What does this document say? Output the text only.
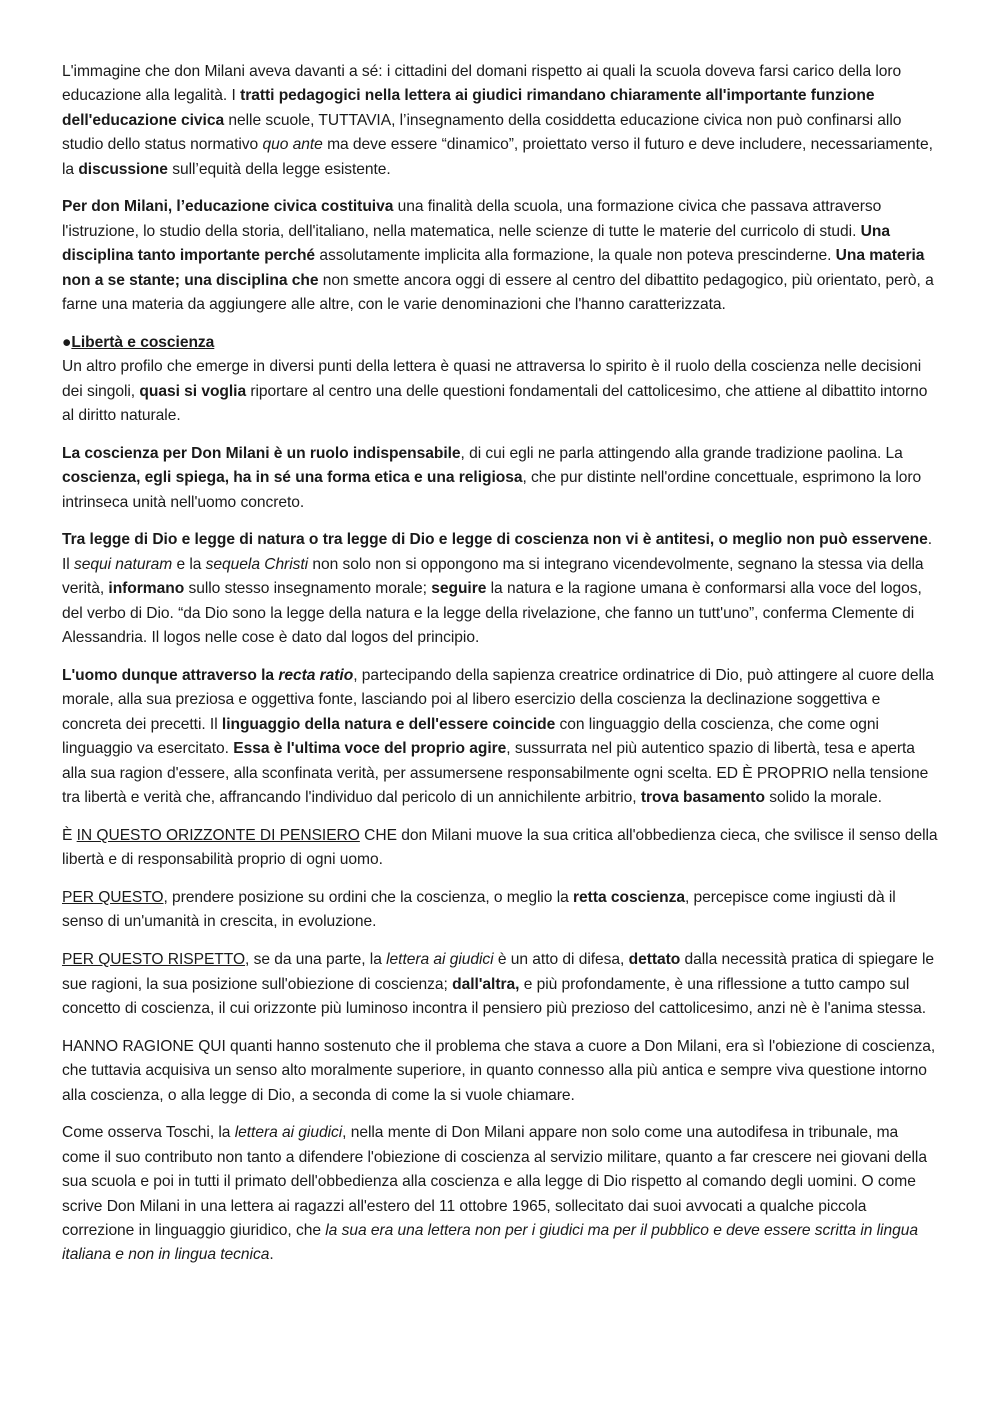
L'immagine che don Milani aveva davanti a sé: i cittadini del domani rispetto ai quali la scuola doveva farsi carico della loro educazione alla legalità. I tratti pedagogici nella lettera ai giudici rimandano chiaramente all'importante funzione dell'educazione civica nelle scuole, TUTTAVIA, l’insegnamento della cosiddetta educazione civica non può confinarsi allo studio dello status normativo quo ante ma deve essere “dinamico”, proiettato verso il futuro e deve includere, necessariamente, la discussione sull’equità della legge esistente.

Per don Milani, l’educazione civica costituiva una finalità della scuola, una formazione civica che passava attraverso l'istruzione, lo studio della storia, dell'italiano, nella matematica, nelle scienze di tutte le materie del curricolo di studi. Una disciplina tanto importante perché assolutamente implicita alla formazione, la quale non poteva prescinderne. Una materia non a se stante; una disciplina che non smette ancora oggi di essere al centro del dibattito pedagogico, più orientato, però, a farne una materia da aggiungere alle altre, con le varie denominazioni che l'hanno caratterizzata.

●Libertà e coscienza
Un altro profilo che emerge in diversi punti della lettera è quasi ne attraversa lo spirito è il ruolo della coscienza nelle decisioni dei singoli, quasi si voglia riportare al centro una delle questioni fondamentali del cattolicesimo, che attiene al dibattito intorno al diritto naturale.

La coscienza per Don Milani è un ruolo indispensabile, di cui egli ne parla attingendo alla grande tradizione paolina. La coscienza, egli spiega, ha in sé una forma etica e una religiosa, che pur distinte nell'ordine concettuale, esprimono la loro intrinseca unità nell'uomo concreto.

Tra legge di Dio e legge di natura o tra legge di Dio e legge di coscienza non vi è antitesi, o meglio non può esservene. Il sequi naturam e la sequela Christi non solo non si oppongono ma si integrano vicendevolmente, segnano la stessa via della verità, informano sullo stesso insegnamento morale; seguire la natura e la ragione umana è conformarsi alla voce del logos, del verbo di Dio. “da Dio sono la legge della natura e la legge della rivelazione, che fanno un tutt'uno”, conferma Clemente di Alessandria. Il logos nelle cose è dato dal logos del principio.

L'uomo dunque attraverso la recta ratio, partecipando della sapienza creatrice ordinatrice di Dio, può attingere al cuore della morale, alla sua preziosa e oggettiva fonte, lasciando poi al libero esercizio della coscienza la declinazione soggettiva e concreta dei precetti. Il linguaggio della natura e dell'essere coincide con linguaggio della coscienza, che come ogni linguaggio va esercitato. Essa è l'ultima voce del proprio agire, sussurrata nel più autentico spazio di libertà, tesa e aperta alla sua ragion d'essere, alla sconfinata verità, per assumersene responsabilmente ogni scelta. ED È PROPRIO nella tensione tra libertà e verità che, affrancando l'individuo dal pericolo di un annichilente arbitrio, trova basamento solido la morale.

È IN QUESTO ORIZZONTE DI PENSIERO CHE don Milani muove la sua critica all'obbedienza cieca, che svilisce il senso della libertà e di responsabilità proprio di ogni uomo.

PER QUESTO, prendere posizione su ordini che la coscienza, o meglio la retta coscienza, percepisce come ingiusti dà il senso di un'umanità in crescita, in evoluzione.

PER QUESTO RISPETTO, se da una parte, la lettera ai giudici è un atto di difesa, dettato dalla necessità pratica di spiegare le sue ragioni, la sua posizione sull'obiezione di coscienza; dall'altra, e più profondamente, è una riflessione a tutto campo sul concetto di coscienza, il cui orizzonte più luminoso incontra il pensiero più prezioso del cattolicesimo, anzi nè è l'anima stessa.

HANNO RAGIONE QUI quanti hanno sostenuto che il problema che stava a cuore a Don Milani, era sì l'obiezione di coscienza, che tuttavia acquisiva un senso alto moralmente superiore, in quanto connesso alla più antica e sempre viva questione intorno alla coscienza, o alla legge di Dio, a seconda di come la si vuole chiamare.

Come osserva Toschi, la lettera ai giudici, nella mente di Don Milani appare non solo come una autodifesa in tribunale, ma come il suo contributo non tanto a difendere l'obiezione di coscienza al servizio militare, quanto a far crescere nei giovani della sua scuola e poi in tutti il primato dell'obbedienza alla coscienza e alla legge di Dio rispetto al comando degli uomini. O come scrive Don Milani in una lettera ai ragazzi all'estero del 11 ottobre 1965, sollecitato dai suoi avvocati a qualche piccola correzione in linguaggio giuridico, che la sua era una lettera non per i giudici ma per il pubblico e deve essere scritta in lingua italiana e non in lingua tecnica.
